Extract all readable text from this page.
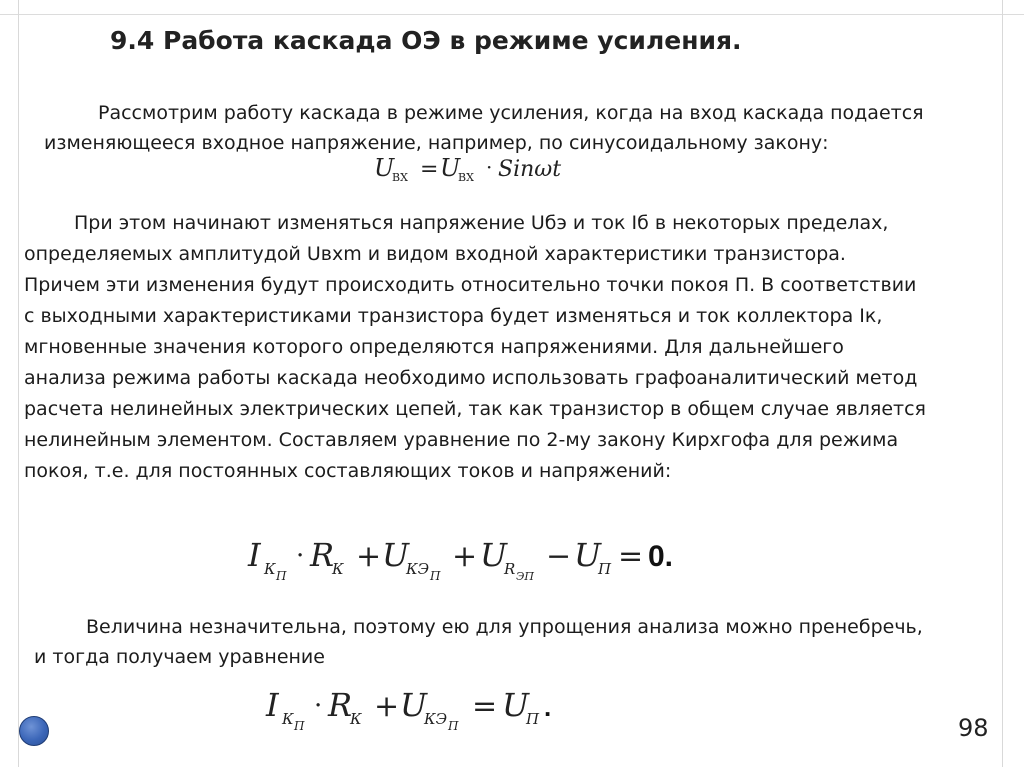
9.4 Работа каскада ОЭ в режиме усиления.
Рассмотрим работу каскада в режиме усиления, когда на вход каскада подается
изменяющееся входное напряжение, например, по синусоидальному закону:
U
ВХ = U
ВХ · Sinωt
При этом начинают изменяться напряжение Uбэ и ток Iб в некоторых пределах,
определяемых амплитудой Uвхm и видом входной характеристики транзистора.
Причем эти изменения будут происходить относительно точки покоя П. В соответствии
с выходными характеристиками транзистора будет изменяться и ток коллектора Iк,
мгновенные значения которого определяются напряжениями. Для дальнейшего
анализа режима работы каскада необходимо использовать графоаналитический метод
расчета нелинейных электрических цепей, так как транзистор в общем случае является
нелинейным элементом. Составляем уравнение по 2-му закону Кирхгофа для режима
покоя, т.е. для постоянных составляющих токов и напряжений:
I К П
· R
К + U
КЭ П
+ U
R ЭП
− U
П = 0.
Величина незначительна, поэтому ею для упрощения анализа можно пренебречь,
и тогда получаем уравнение
I К П
· R
К + U
КЭ П
= U
П .
98
